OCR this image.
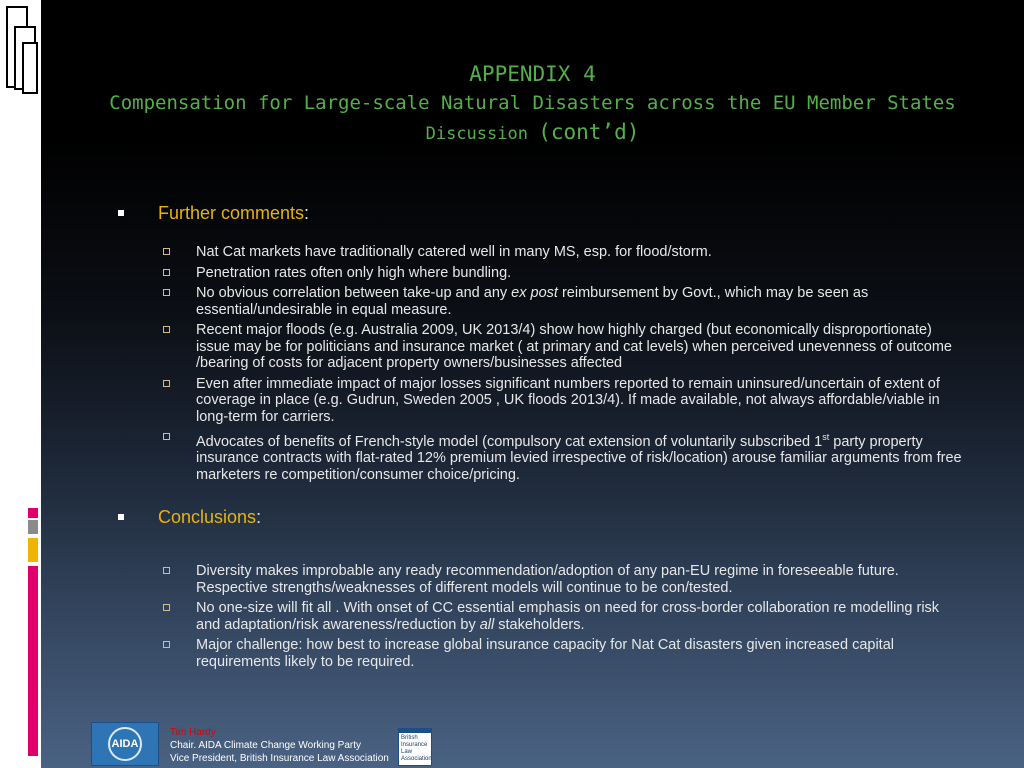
APPENDIX 4
Compensation for Large-scale Natural Disasters across the EU Member States
Discussion (cont’d)
Further comments:
Nat Cat markets have traditionally catered well in many MS, esp. for flood/storm.
Penetration rates often only high where bundling.
No obvious correlation between take-up and any ex post reimbursement by Govt., which may be seen as essential/undesirable in equal measure.
Recent major floods (e.g. Australia 2009, UK 2013/4) show how highly charged (but economically disproportionate) issue may be for politicians and insurance market ( at primary and cat levels) when perceived unevenness of outcome /bearing of costs for adjacent property owners/businesses affected
Even after immediate impact of major losses significant numbers reported to remain uninsured/uncertain of extent of coverage in place (e.g. Gudrun, Sweden 2005 , UK floods 2013/4). If made available, not always affordable/viable in long-term for carriers.
Advocates of benefits of French-style model (compulsory cat extension of voluntarily subscribed 1st party property insurance contracts with flat-rated 12% premium levied irrespective of risk/location) arouse familiar arguments from free marketers re competition/consumer choice/pricing.
Conclusions:
Diversity makes improbable any ready recommendation/adoption of any pan-EU regime in foreseeable future. Respective strengths/weaknesses of different models will continue to be con/tested.
No one-size will fit all . With onset of CC essential emphasis on need for cross-border collaboration re modelling risk and adaptation/risk awareness/reduction by all stakeholders.
Major challenge: how best to increase global insurance capacity for Nat Cat disasters given increased capital requirements likely to be required.
AIDA
Tim Hardy
Chair. AIDA Climate Change Working Party
Vice President, British Insurance Law Association
British Insurance Law Association
